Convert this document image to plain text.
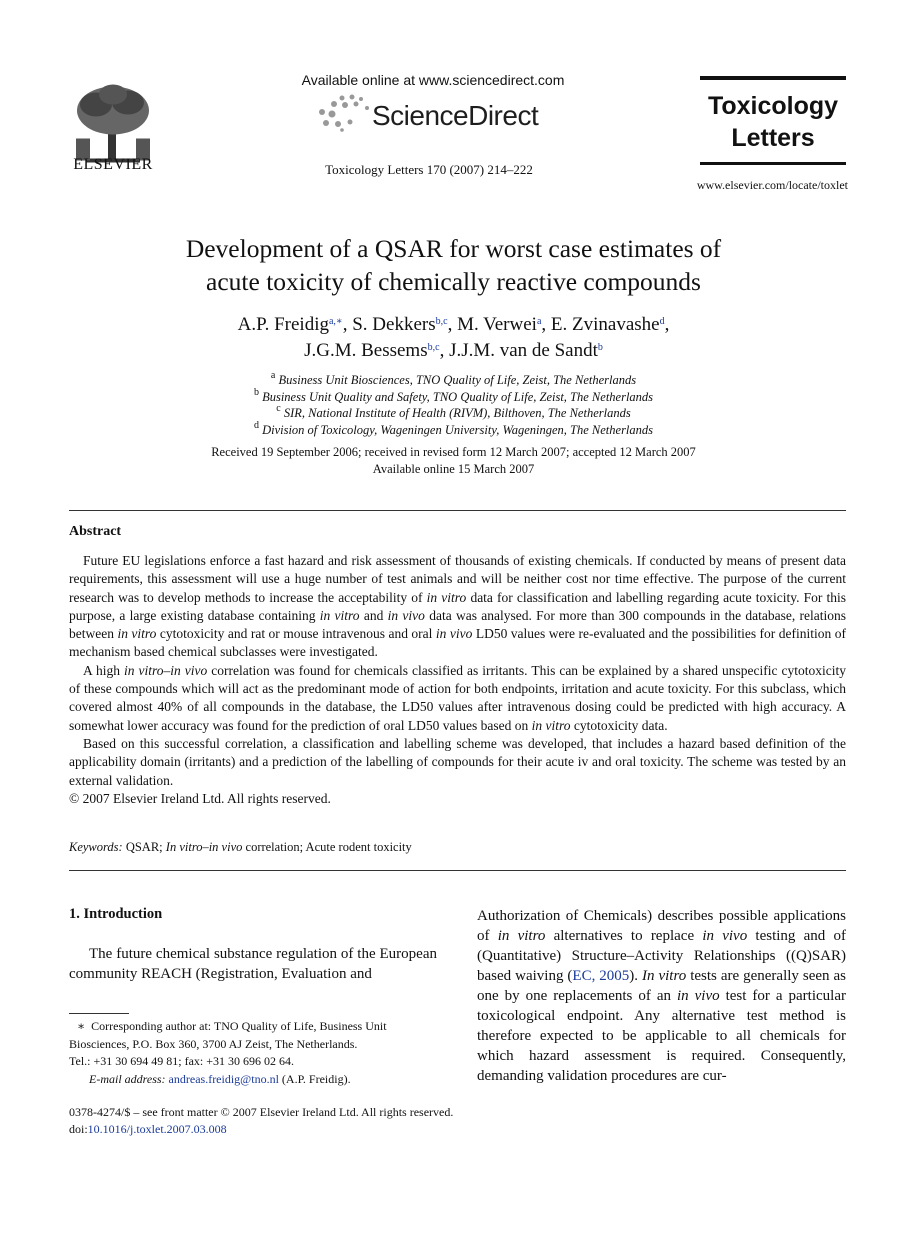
ELSEVIER
Available online at www.sciencedirect.com
ScienceDirect
Toxicology Letters 170 (2007) 214–222
Toxicology
Letters
www.elsevier.com/locate/toxlet
Development of a QSAR for worst case estimates of
acute toxicity of chemically reactive compounds
A.P. Freidig$^{a,∗}$, S. Dekkers$^{b,c}$, M. Verwei$^a$, E. Zvinavashe$^d$,
J.G.M. Bessems$^{b,c}$, J.J.M. van de Sandt$^b$
$^a$ Business Unit Biosciences, TNO Quality of Life, Zeist, The Netherlands
$^b$ Business Unit Quality and Safety, TNO Quality of Life, Zeist, The Netherlands
$^c$ SIR, National Institute of Health (RIVM), Bilthoven, The Netherlands
$^d$ Division of Toxicology, Wageningen University, Wageningen, The Netherlands
Received 19 September 2006; received in revised form 12 March 2007; accepted 12 March 2007
Available online 15 March 2007
Abstract

Future EU legislations enforce a fast hazard and risk assessment of thousands of existing chemicals. If conducted by means of present data requirements, this assessment will use a huge number of test animals and will be neither cost nor time effective. The purpose of the current research was to develop methods to increase the acceptability of in vitro data for classification and labelling regarding acute toxicity. For this purpose, a large existing database containing in vitro and in vivo data was analysed. For more than 300 compounds in the database, relations between in vitro cytotoxicity and rat or mouse intravenous and oral in vivo LD50 values were re-evaluated and the possibilities for definition of mechanism based chemical subclasses were investigated.

A high in vitro–in vivo correlation was found for chemicals classified as irritants. This can be explained by a shared unspecific cytotoxicity of these compounds which will act as the predominant mode of action for both endpoints, irritation and acute toxicity. For this subclass, which covered almost 40% of all compounds in the database, the LD50 values after intravenous dosing could be predicted with high accuracy. A somewhat lower accuracy was found for the prediction of oral LD50 values based on in vitro cytotoxicity data.

Based on this successful correlation, a classification and labelling scheme was developed, that includes a hazard based definition of the applicability domain (irritants) and a prediction of the labelling of compounds for their acute iv and oral toxicity. The scheme was tested by an external validation.

© 2007 Elsevier Ireland Ltd. All rights reserved.

Keywords: QSAR; In vitro–in vivo correlation; Acute rodent toxicity
1. Introduction
The future chemical substance regulation of the European community REACH (Registration, Evaluation and
∗ Corresponding author at: TNO Quality of Life, Business Unit Biosciences, P.O. Box 360, 3700 AJ Zeist, The Netherlands.
Tel.: +31 30 694 49 81; fax: +31 30 696 02 64.
E-mail address: andreas.freidig@tno.nl (A.P. Freidig).
Authorization of Chemicals) describes possible applications of in vitro alternatives to replace in vivo testing and of (Quantitative) Structure–Activity Relationships ((Q)SAR) based waiving (EC, 2005). In vitro tests are generally seen as one by one replacements of an in vivo test for a particular toxicological endpoint. Any alternative test method is therefore expected to be applicable to all chemicals for which hazard assessment is required. Consequently, demanding validation procedures are cur-
0378-4274/$ – see front matter © 2007 Elsevier Ireland Ltd. All rights reserved.
doi:10.1016/j.toxlet.2007.03.008
